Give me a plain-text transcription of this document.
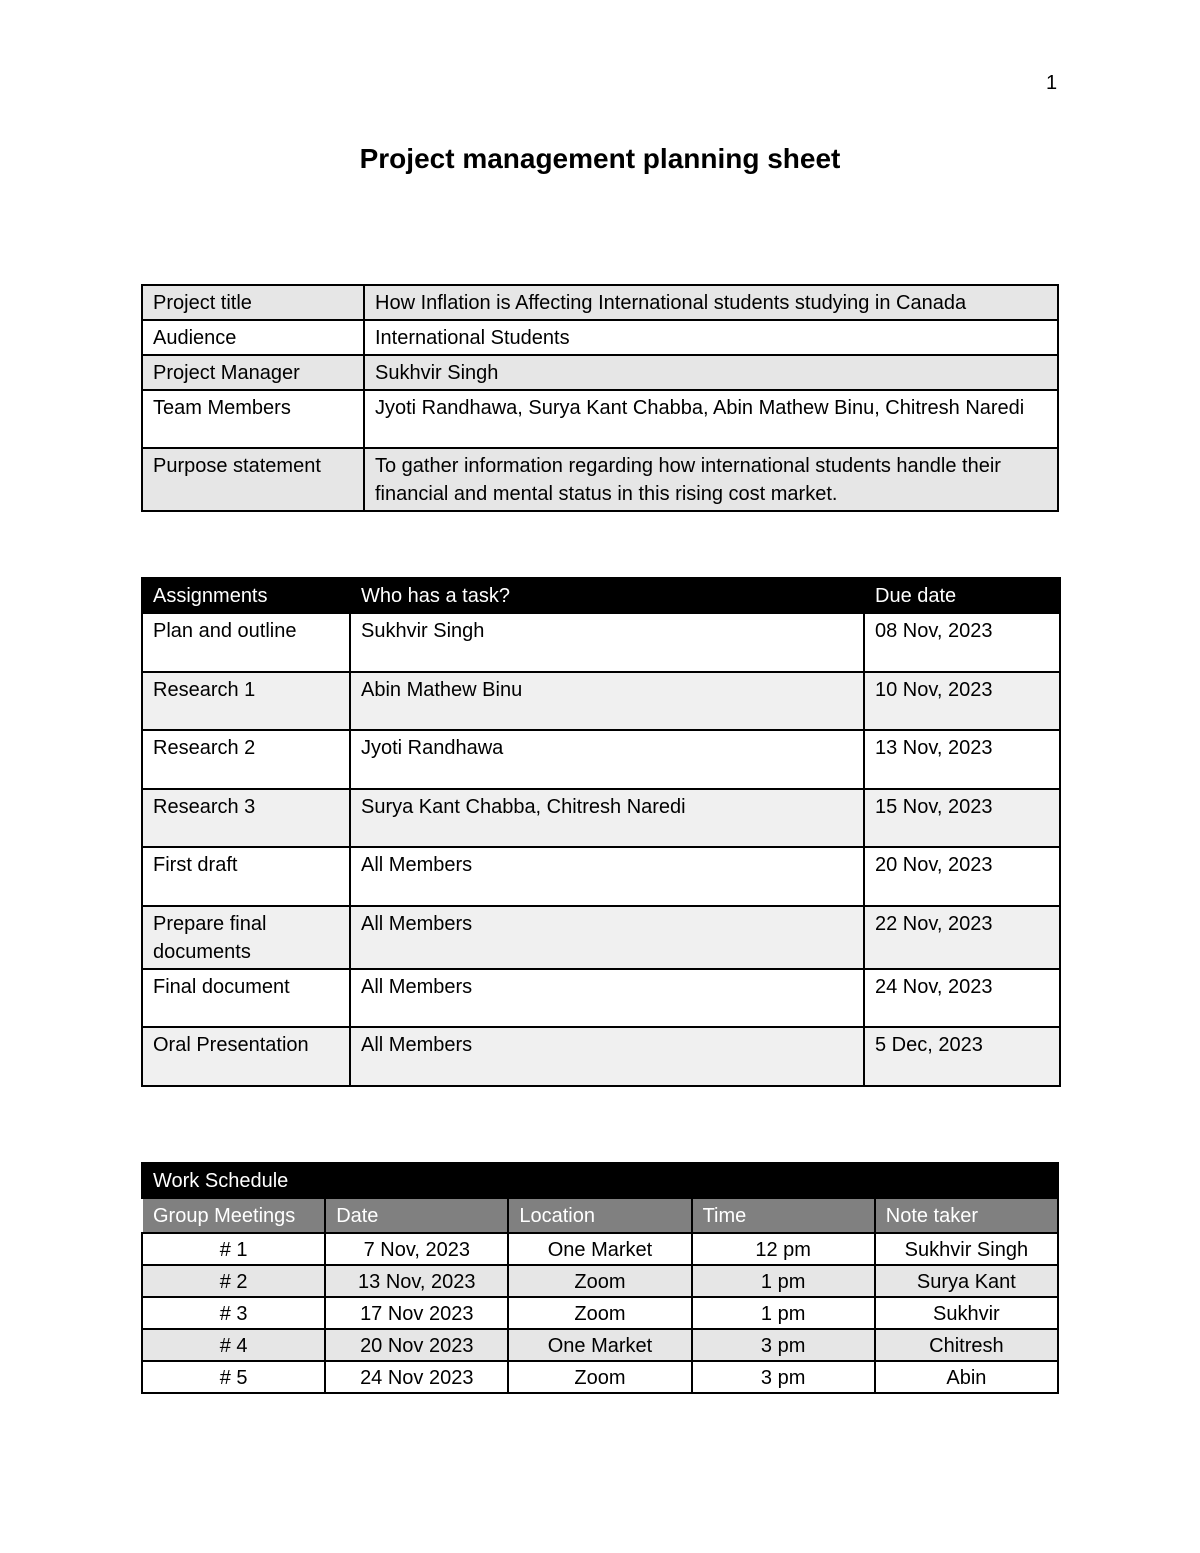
1
Project management planning sheet
Project title	How Inflation is Affecting International students studying in Canada
Audience	International Students
Project Manager	Sukhvir Singh
Team Members	Jyoti Randhawa, Surya Kant Chabba, Abin Mathew Binu, Chitresh Naredi
Purpose statement	To gather information regarding how international students handle their financial and mental status in this rising cost market.
Assignments	Who has a task?	Due date
Plan and outline	Sukhvir Singh	08 Nov, 2023
Research 1	Abin Mathew Binu	10 Nov, 2023
Research 2	Jyoti Randhawa	13 Nov, 2023
Research 3	Surya Kant Chabba, Chitresh Naredi	15 Nov, 2023
First draft	All Members	20 Nov, 2023
Prepare final documents	All Members	22 Nov, 2023
Final document	All Members	24 Nov, 2023
Oral Presentation	All Members	5 Dec, 2023
Work Schedule				
Group Meetings	Date	Location	Time	Note taker
# 1	7 Nov, 2023	One Market	12 pm	Sukhvir Singh
# 2	13 Nov, 2023	Zoom	1 pm	Surya Kant
# 3	17 Nov 2023	Zoom	1 pm	Sukhvir
# 4	20 Nov 2023	One Market	3 pm	Chitresh
# 5	24 Nov 2023	Zoom	3 pm	Abin
